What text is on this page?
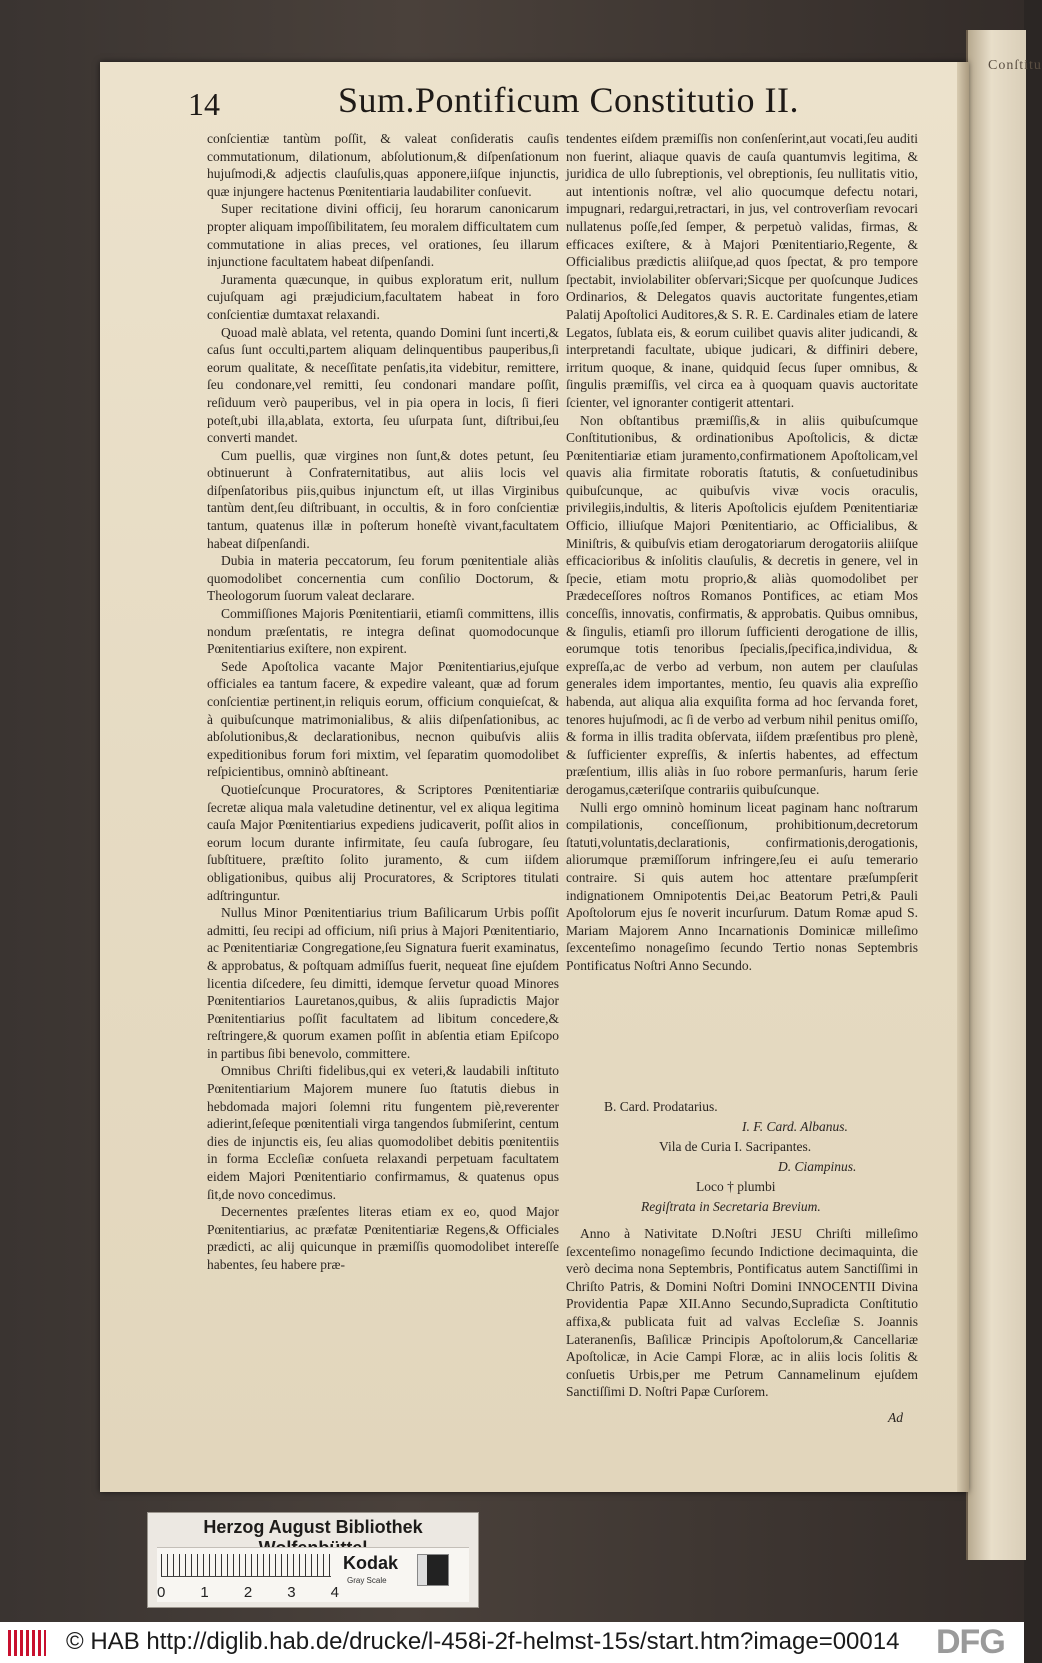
Conſtitu
14	Sum.Pontificum Constitutio II.

conſcientiæ tantùm poſſit, & valeat conſideratis cauſis commutationum, dilationum, abſolutionum,& diſpenſationum hujuſmodi,& adjectis clauſulis,quas apponere,iiſque injunctis, quæ injungere hactenus Pœnitentiaria laudabiliter conſuevit.

Super recitatione divini officij, ſeu horarum canonicarum propter aliquam impoſſibilitatem, ſeu moralem difficultatem cum commutatione in alias preces, vel orationes, ſeu illarum injunctione facultatem habeat diſpenſandi.

Juramenta quæcunque, in quibus exploratum erit, nullum cujuſquam agi præjudicium,facultatem habeat in foro conſcientiæ dumtaxat relaxandi.

Quoad malè ablata, vel retenta, quando Domini ſunt incerti,& caſus ſunt occulti,partem aliquam delinquentibus pauperibus,ſi eorum qualitate, & neceſſitate penſatis,ita videbitur, remittere, ſeu condonare,vel remitti, ſeu condonari mandare poſſit, reſiduum verò pauperibus, vel in pia opera in locis, ſi fieri poteſt,ubi illa,ablata, extorta, ſeu uſurpata ſunt, diſtribui,ſeu converti mandet.

Cum puellis, quæ virgines non ſunt,& dotes petunt, ſeu obtinuerunt à Confraternitatibus, aut aliis locis vel diſpenſatoribus piis,quibus injunctum eſt, ut illas Virginibus tantùm dent,ſeu diſtribuant, in occultis, & in foro conſcientiæ tantum, quatenus illæ in poſterum honeſtè vivant,facultatem habeat diſpenſandi.

Dubia in materia peccatorum, ſeu forum pœnitentiale aliàs quomodolibet concernentia cum conſilio Doctorum, & Theologorum ſuorum valeat declarare.

Commiſſiones Majoris Pœnitentiarii, etiamſi committens, illis nondum præſentatis, re integra deſinat quomodocunque Pœnitentiarius exiſtere, non expirent.

Sede Apoſtolica vacante Major Pœnitentiarius,ejuſque officiales ea tantum facere, & expedire valeant, quæ ad forum conſcientiæ pertinent,in reliquis eorum, officium conquieſcat, & à quibuſcunque matrimonialibus, & aliis diſpenſationibus, ac abſolutionibus,& declarationibus, necnon quibuſvis aliis expeditionibus forum fori mixtim, vel ſeparatim quomodolibet reſpicientibus, omninò abſtineant.

Quotieſcunque Procuratores, & Scriptores Pœnitentiariæ ſecretæ aliqua mala valetudine detinentur, vel ex aliqua legitima cauſa Major Pœnitentiarius expediens judicaverit, poſſit alios in eorum locum durante infirmitate, ſeu cauſa ſubrogare, ſeu ſubſtituere, præſtito ſolito juramento, & cum iiſdem obligationibus, quibus alij Procuratores, & Scriptores titulati adſtringuntur.

Nullus Minor Pœnitentiarius trium Baſilicarum Urbis poſſit admitti, ſeu recipi ad officium, niſi prius à Majori Pœnitentiario, ac Pœnitentiariæ Congregatione,ſeu Signatura fuerit examinatus, & approbatus, & poſtquam admiſſus fuerit, nequeat ſine ejuſdem licentia diſcedere, ſeu dimitti, idemque ſervetur quoad Minores Pœnitentiarios Lauretanos,quibus, & aliis ſupradictis Major Pœnitentiarius poſſit facultatem ad libitum concedere,& reſtringere,& quorum examen poſſit in abſentia etiam Epiſcopo in partibus ſibi benevolo, committere.

Omnibus Chriſti fidelibus,qui ex veteri,& laudabili inſtituto Pœnitentiarium Majorem munere ſuo ſtatutis diebus in hebdomada majori ſolemni ritu fungentem piè,reverenter adierint,ſeſeque pœnitentiali virga tangendos ſubmiſerint, centum dies de injunctis eis, ſeu alias quomodolibet debitis pœnitentiis in forma Eccleſiæ conſueta relaxandi perpetuam facultatem eidem Majori Pœnitentiario confirmamus, & quatenus opus ſit,de novo concedimus.

Decernentes præſentes literas etiam ex eo, quod Major Pœnitentiarius, ac præfatæ Pœnitentiariæ Regens,& Officiales prædicti, ac alij quicunque in præmiſſis quomodolibet intereſſe habentes, ſeu habere præ-

tendentes eiſdem præmiſſis non conſenſerint,aut vocati,ſeu auditi non fuerint, aliaque quavis de cauſa quantumvis legitima, & juridica de ullo ſubreptionis, vel obreptionis, ſeu nullitatis vitio, aut intentionis noſtræ, vel alio quocumque defectu notari, impugnari, redargui,retractari, in jus, vel controverſiam revocari nullatenus poſſe,ſed ſemper, & perpetuò validas, firmas, & efficaces exiſtere, & à Majori Pœnitentiario,Regente, & Officialibus prædictis aliiſque,ad quos ſpectat, & pro tempore ſpectabit, inviolabiliter obſervari;Sicque per quoſcunque Judices Ordinarios, & Delegatos quavis auctoritate fungentes,etiam Palatij Apoſtolici Auditores,& S. R. E. Cardinales etiam de latere Legatos, ſublata eis, & eorum cuilibet quavis aliter judicandi, & interpretandi facultate, ubique judicari, & diffiniri debere, irritum quoque, & inane, quidquid ſecus ſuper omnibus, & ſingulis præmiſſis, vel circa ea à quoquam quavis auctoritate ſcienter, vel ignoranter contigerit attentari.

Non obſtantibus præmiſſis,& in aliis quibuſcumque Conſtitutionibus, & ordinationibus Apoſtolicis, & dictæ Pœnitentiariæ etiam juramento,confirmationem Apoſtolicam,vel quavis alia firmitate roboratis ſtatutis, & conſuetudinibus quibuſcunque, ac quibuſvis vivæ vocis oraculis, privilegiis,indultis, & literis Apoſtolicis ejuſdem Pœnitentiariæ Officio, illiuſque Majori Pœnitentiario, ac Officialibus, & Miniſtris, & quibuſvis etiam derogatoriarum derogatoriis aliiſque efficacioribus & inſolitis clauſulis, & decretis in genere, vel in ſpecie, etiam motu proprio,& aliàs quomodolibet per Prædeceſſores noſtros Romanos Pontifices, ac etiam Mos conceſſis, innovatis, confirmatis, & approbatis. Quibus omnibus, & ſingulis, etiamſi pro illorum ſufficienti derogatione de illis, eorumque totis tenoribus ſpecialis,ſpecifica,individua, & expreſſa,ac de verbo ad verbum, non autem per clauſulas generales idem importantes, mentio, ſeu quavis alia expreſſio habenda, aut aliqua alia exquiſita forma ad hoc ſervanda foret, tenores hujuſmodi, ac ſi de verbo ad verbum nihil penitus omiſſo, & forma in illis tradita obſervata, iiſdem præſentibus pro plenè, & ſufficienter expreſſis, & inſertis habentes, ad effectum præſentium, illis aliàs in ſuo robore permanſuris, harum ſerie derogamus,cæteriſque contrariis quibuſcunque.

Nulli ergo omninò hominum liceat paginam hanc noſtrarum compilationis, conceſſionum, prohibitionum,decretorum ſtatuti,voluntatis,declarationis, confirmationis,derogationis, aliorumque præmiſſorum infringere,ſeu ei auſu temerario contraire. Si quis autem hoc attentare præſumpſerit indignationem Omnipotentis Dei,ac Beatorum Petri,& Pauli Apoſtolorum ejus ſe noverit incurſurum. Datum Romæ apud S. Mariam Majorem Anno Incarnationis Dominicæ milleſimo ſexcenteſimo nonageſimo ſecundo Tertio nonas Septembris Pontificatus Noſtri Anno Secundo.

B. Card. Prodatarius.
I. F. Card. Albanus.
Vila de Curia I. Sacripantes.
D. Ciampinus.
Loco † plumbi
Regiſtrata in Secretaria Brevium.

Anno à Nativitate D.Noſtri JESU Chriſti milleſimo ſexcenteſimo nonageſimo ſecundo Indictione decimaquinta, die verò decima nona Septembris, Pontificatus autem Sanctiſſimi in Chriſto Patris, & Domini Noſtri Domini INNOCENTII Divina Providentia Papæ XII.Anno Secundo,Supradicta Conſtitutio affixa,& publicata fuit ad valvas Eccleſiæ S. Joannis Lateranenſis, Baſilicæ Principis Apoſtolorum,& Cancellariæ Apoſtolicæ, in Acie Campi Floræ, ac in aliis locis ſolitis & conſuetis Urbis,per me Petrum Cannamelinum ejuſdem Sanctiſſimi D. Noſtri Papæ Curſorem.

Ad
Herzog August Bibliothek
0 1 2 3 4
Kodak
Gray Scale
© HAB http://diglib.hab.de/drucke/l-458i-2f-helmst-15s/start.htm?image=00014 DFG
